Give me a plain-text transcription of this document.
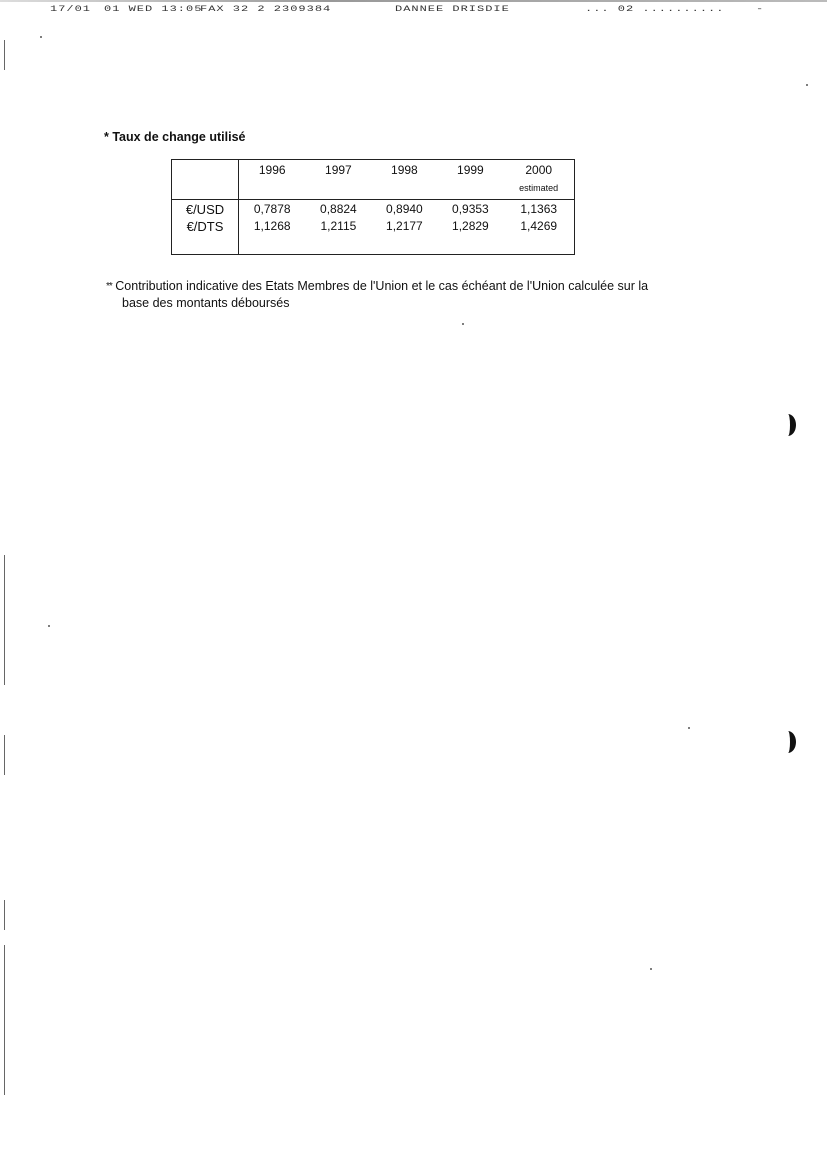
17/01 01 WED 13:05
FAX 32 2 2309384	DANNEE DRISDIE	... 02 ..........	-
* Taux de change utilisé
	1996	1997	1998	1999	2000
estimated

€/USD	0,7878	0,8824	0,8940	0,9353	1,1363
€/DTS	1,1268	1,2115	1,2177	1,2829	1,4269

** Contribution indicative des Etats Membres de l'Union et le cas échéant de l'Union calculée sur la
base des montants déboursés
